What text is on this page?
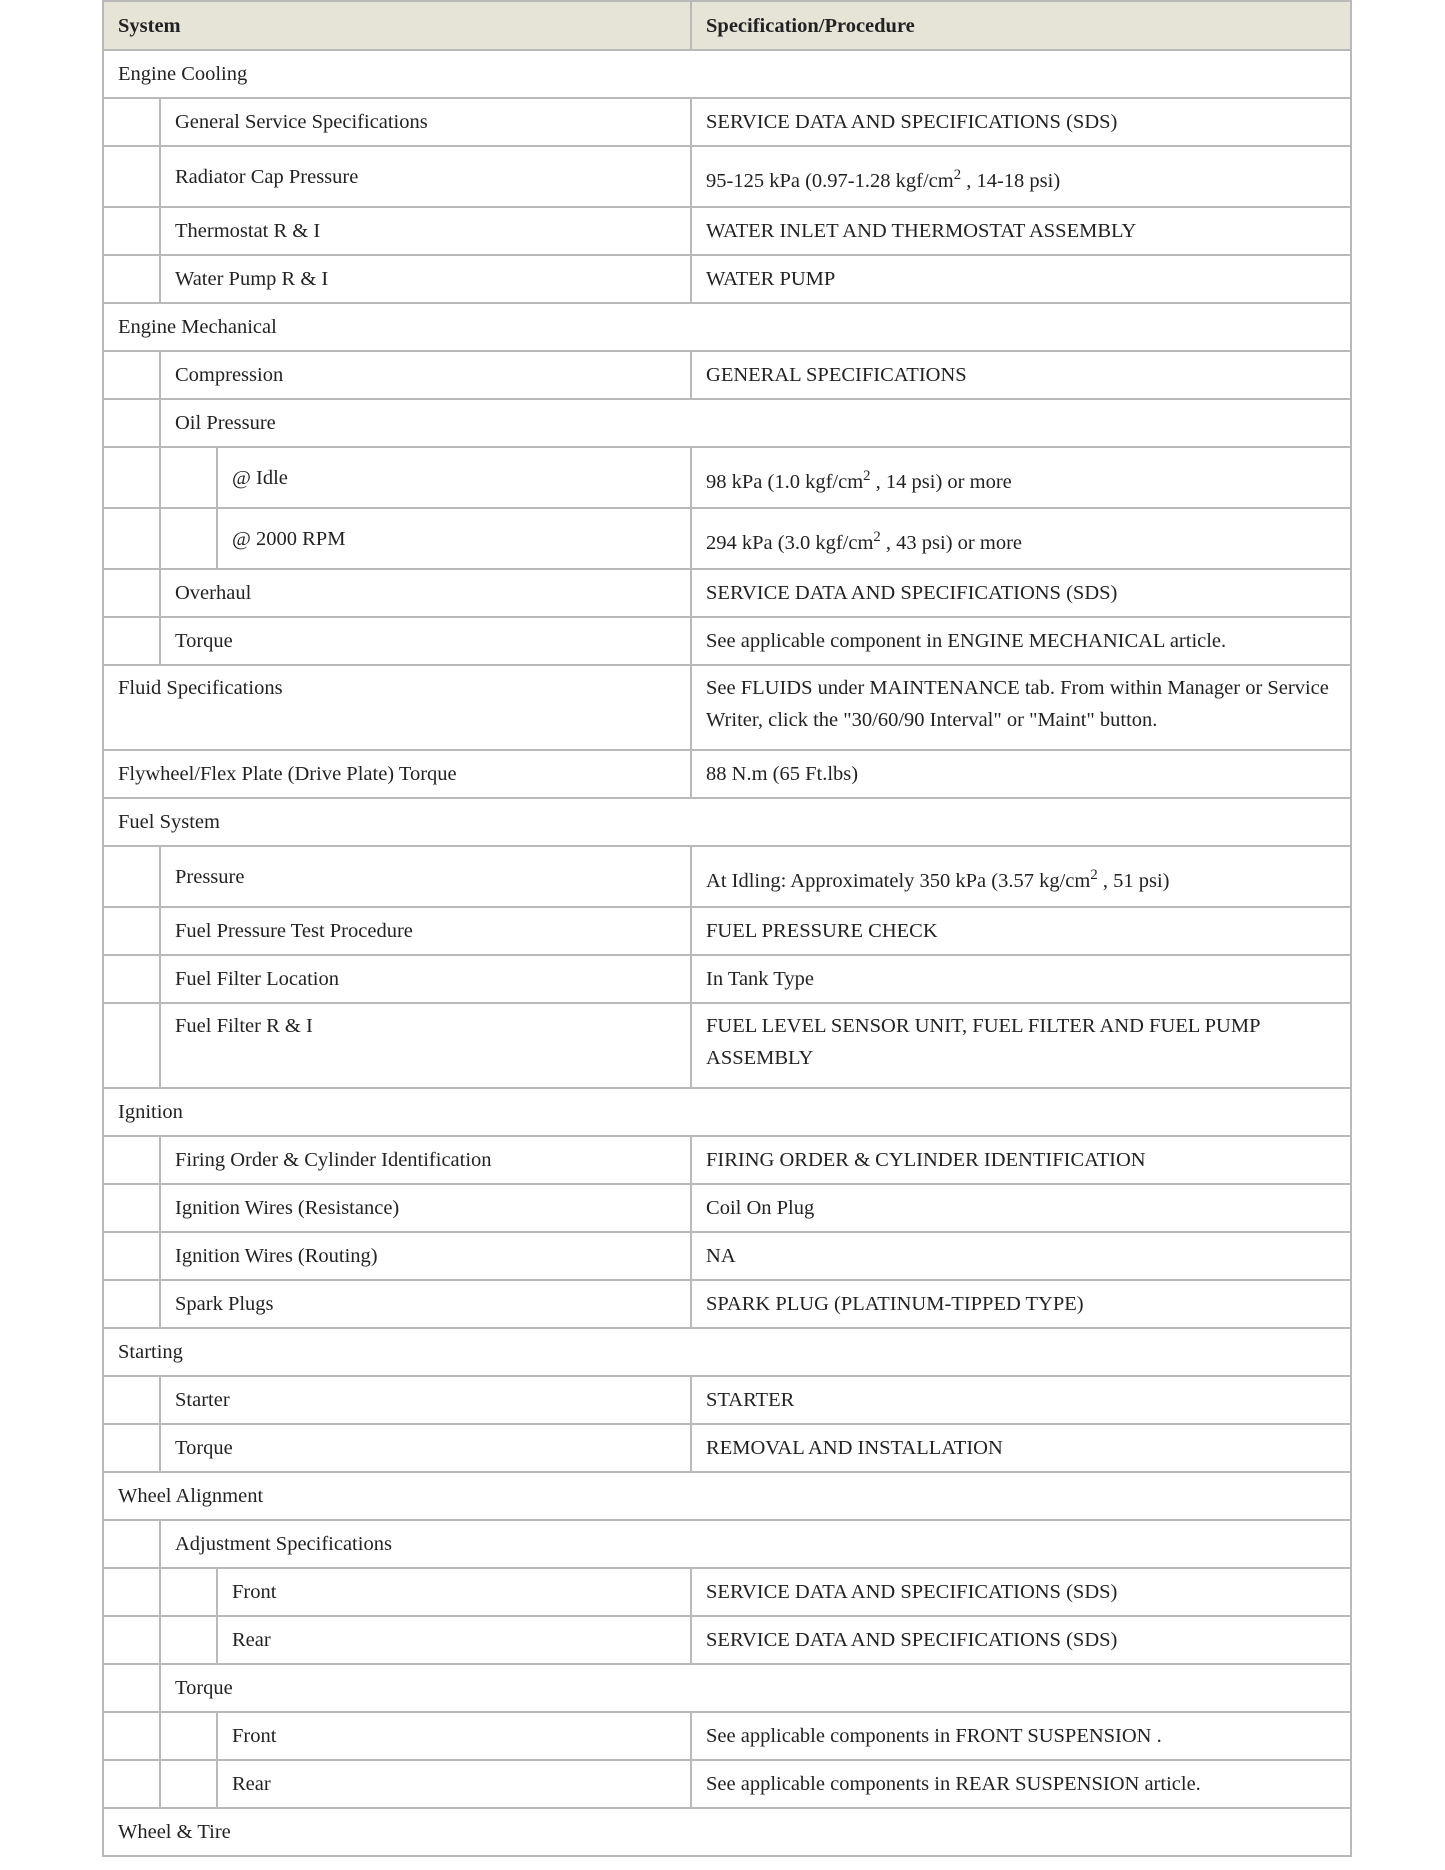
System			Specification/Procedure
Engine Cooling			
	General Service Specifications		SERVICE DATA AND SPECIFICATIONS (SDS)
	Radiator Cap Pressure		95-125 kPa (0.97-1.28 kgf/$cm^2$ , 14-18 psi)
	Thermostat R & I		WATER INLET AND THERMOSTAT ASSEMBLY
	Water Pump R & I		WATER PUMP
Engine Mechanical			
	Compression		GENERAL SPECIFICATIONS
	Oil Pressure		
		@ Idle	98 kPa (1.0 kgf/$cm^2$ , 14 psi) or more
		@ 2000 RPM	294 kPa (3.0 kgf/$cm^2$ , 43 psi) or more
	Overhaul		SERVICE DATA AND SPECIFICATIONS (SDS)
	Torque		See applicable component in ENGINE MECHANICAL article.
Fluid Specifications			See FLUIDS under MAINTENANCE tab. From within Manager or Service Writer, click the "30/60/90 Interval" or "Maint" button.
Flywheel/Flex Plate (Drive Plate) Torque			88 N.m (65 Ft.lbs)
Fuel System			
	Pressure		At Idling: Approximately 350 kPa (3.57 $kg/cm^2$ , 51 psi)
	Fuel Pressure Test Procedure		FUEL PRESSURE CHECK
	Fuel Filter Location		In Tank Type
	Fuel Filter R & I		FUEL LEVEL SENSOR UNIT, FUEL FILTER AND FUEL PUMP ASSEMBLY
Ignition			
	Firing Order & Cylinder Identification		FIRING ORDER & CYLINDER IDENTIFICATION
	Ignition Wires (Resistance)		Coil On Plug
	Ignition Wires (Routing)		NA
	Spark Plugs		SPARK PLUG (PLATINUM-TIPPED TYPE)
Starting			
	Starter		STARTER
	Torque		REMOVAL AND INSTALLATION
Wheel Alignment			
	Adjustment Specifications		
		Front	SERVICE DATA AND SPECIFICATIONS (SDS)
		Rear	SERVICE DATA AND SPECIFICATIONS (SDS)
	Torque		
		Front	See applicable components in FRONT SUSPENSION .
		Rear	See applicable components in REAR SUSPENSION article.
Wheel & Tire			
